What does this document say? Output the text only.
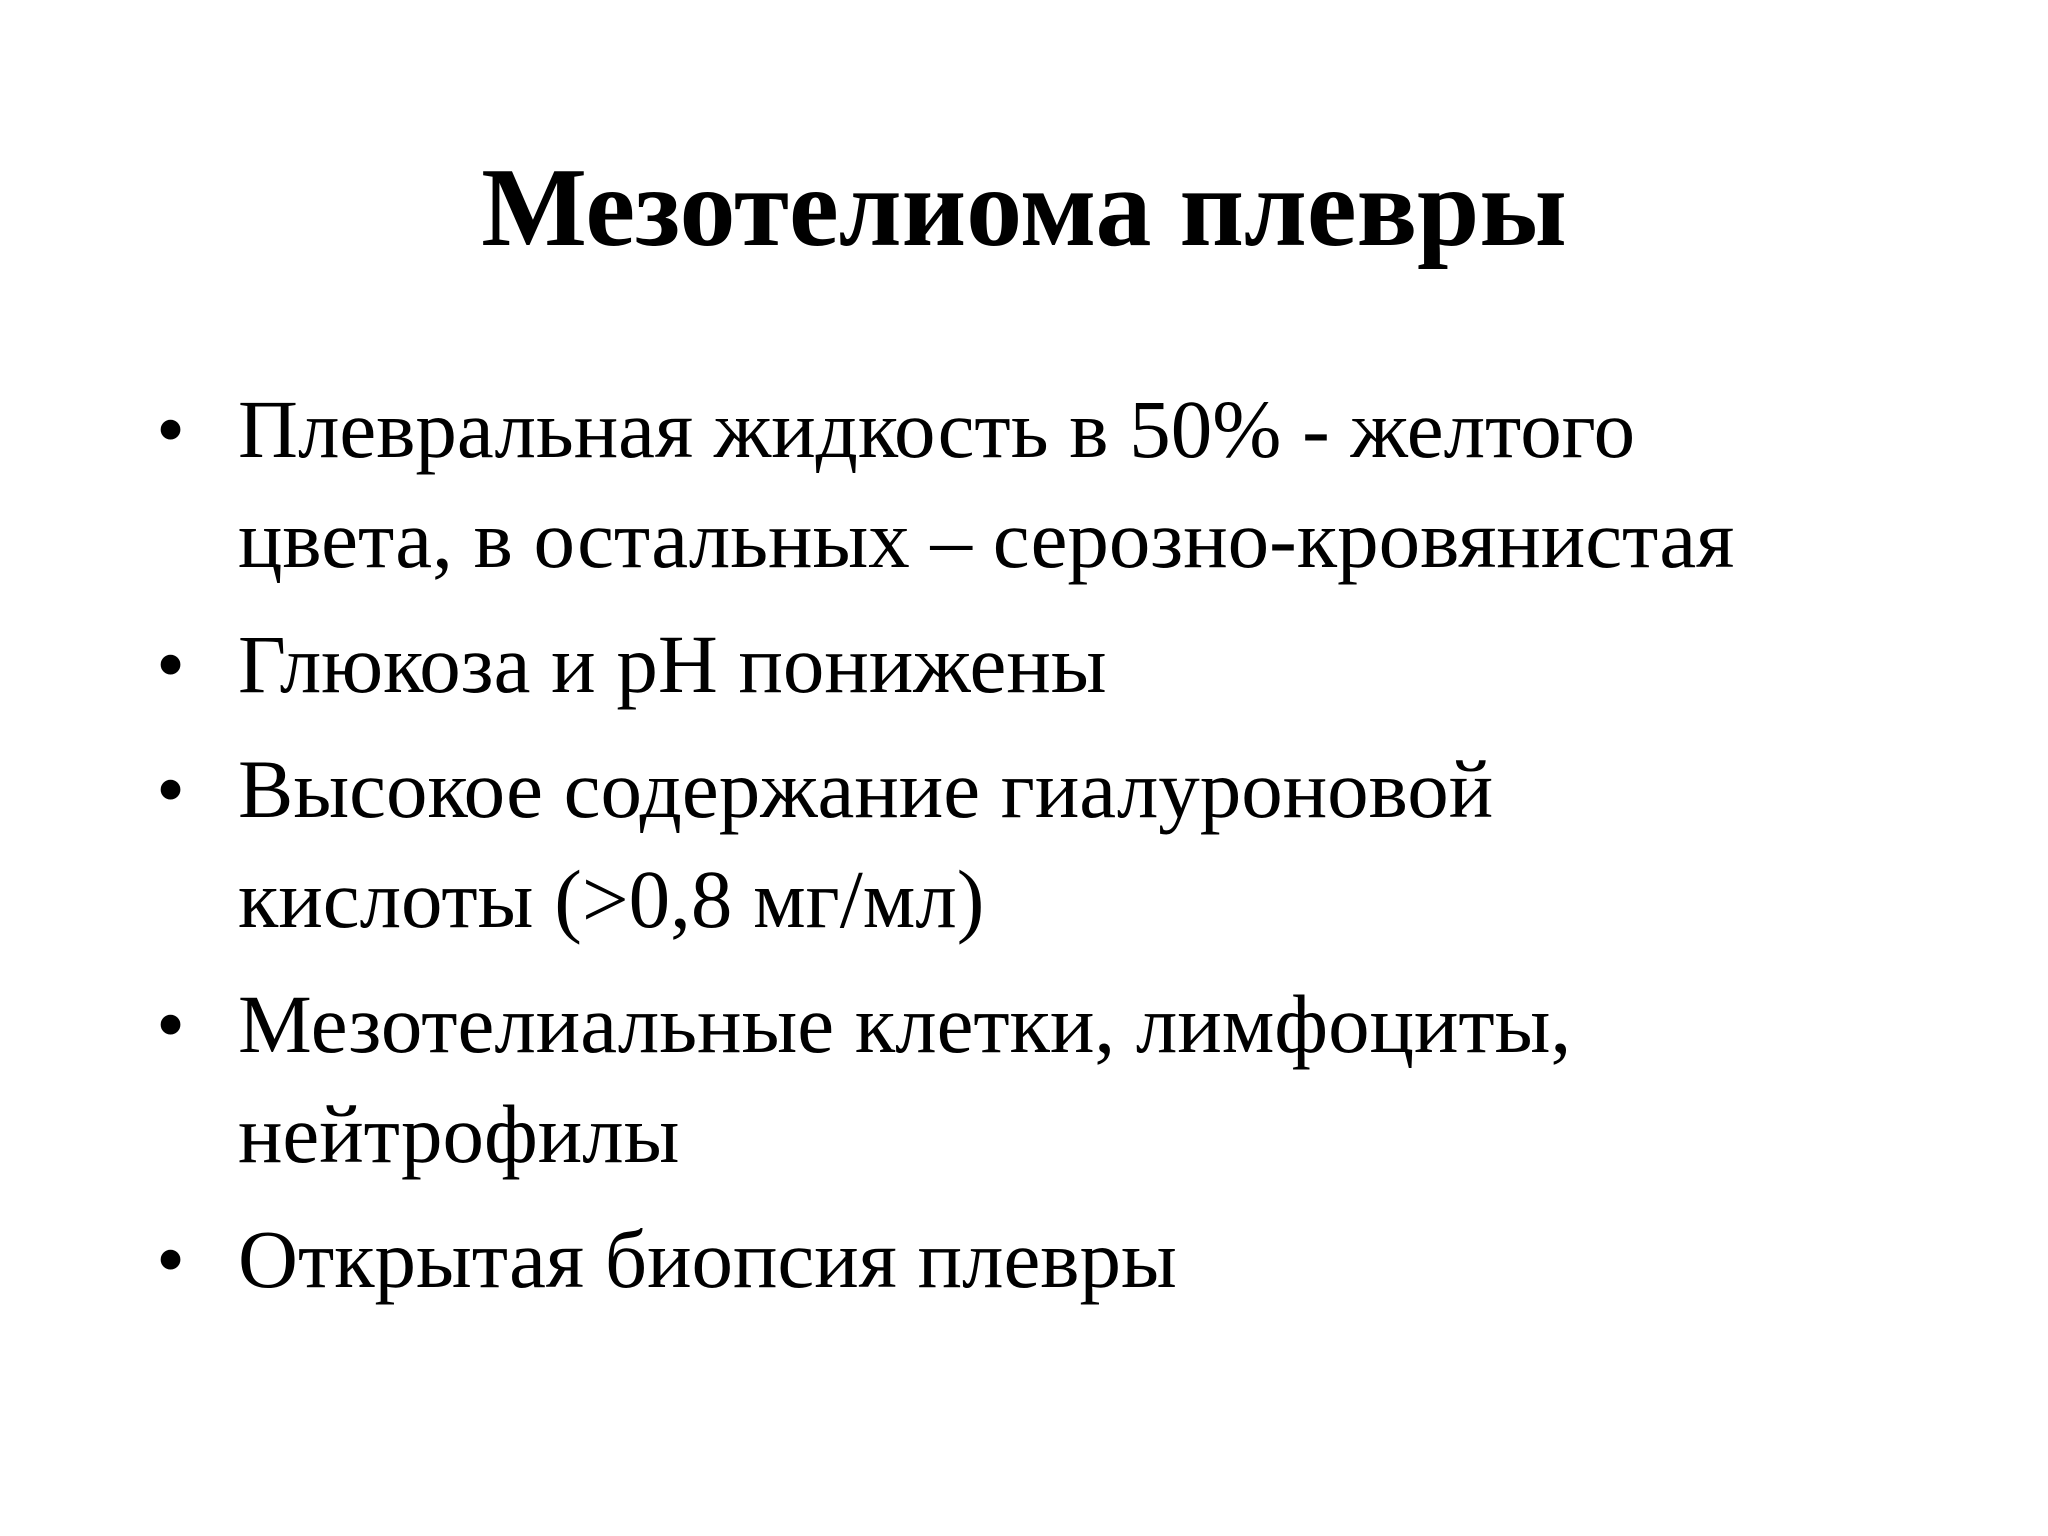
Мезотелиома плевры
• Плевральная жидкость в 50% - желтого
цвета, в остальных – серозно-кровянистая
• Глюкоза и pH понижены
• Высокое содержание гиалуроновой
кислоты (>0,8 мг/мл)
• Мезотелиальные клетки, лимфоциты,
нейтрофилы
• Открытая биопсия плевры
